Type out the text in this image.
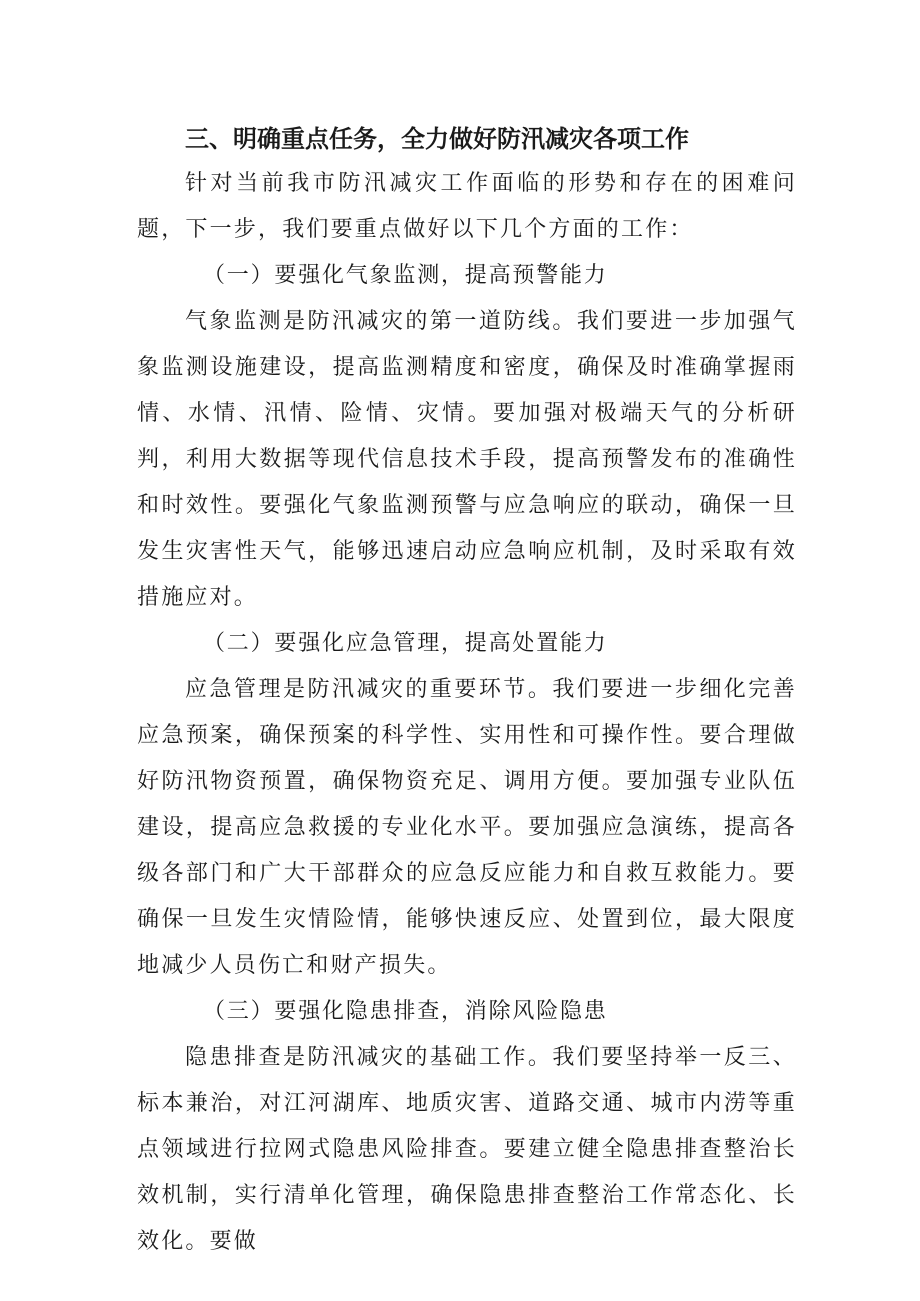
三、明确重点任务，全力做好防汛减灾各项工作

针对当前我市防汛减灾工作面临的形势和存在的困难问题，下一步，我们要重点做好以下几个方面的工作：

（一）要强化气象监测，提高预警能力

气象监测是防汛减灾的第一道防线。我们要进一步加强气象监测设施建设，提高监测精度和密度，确保及时准确掌握雨情、水情、汛情、险情、灾情。要加强对极端天气的分析研判，利用大数据等现代信息技术手段，提高预警发布的准确性和时效性。要强化气象监测预警与应急响应的联动，确保一旦发生灾害性天气，能够迅速启动应急响应机制，及时采取有效措施应对。

（二）要强化应急管理，提高处置能力

应急管理是防汛减灾的重要环节。我们要进一步细化完善应急预案，确保预案的科学性、实用性和可操作性。要合理做好防汛物资预置，确保物资充足、调用方便。要加强专业队伍建设，提高应急救援的专业化水平。要加强应急演练，提高各级各部门和广大干部群众的应急反应能力和自救互救能力。要确保一旦发生灾情险情，能够快速反应、处置到位，最大限度地减少人员伤亡和财产损失。

（三）要强化隐患排查，消除风险隐患

隐患排查是防汛减灾的基础工作。我们要坚持举一反三、标本兼治，对江河湖库、地质灾害、道路交通、城市内涝等重点领域进行拉网式隐患风险排查。要建立健全隐患排查整治长效机制，实行清单化管理，确保隐患排查整治工作常态化、长效化。要做
